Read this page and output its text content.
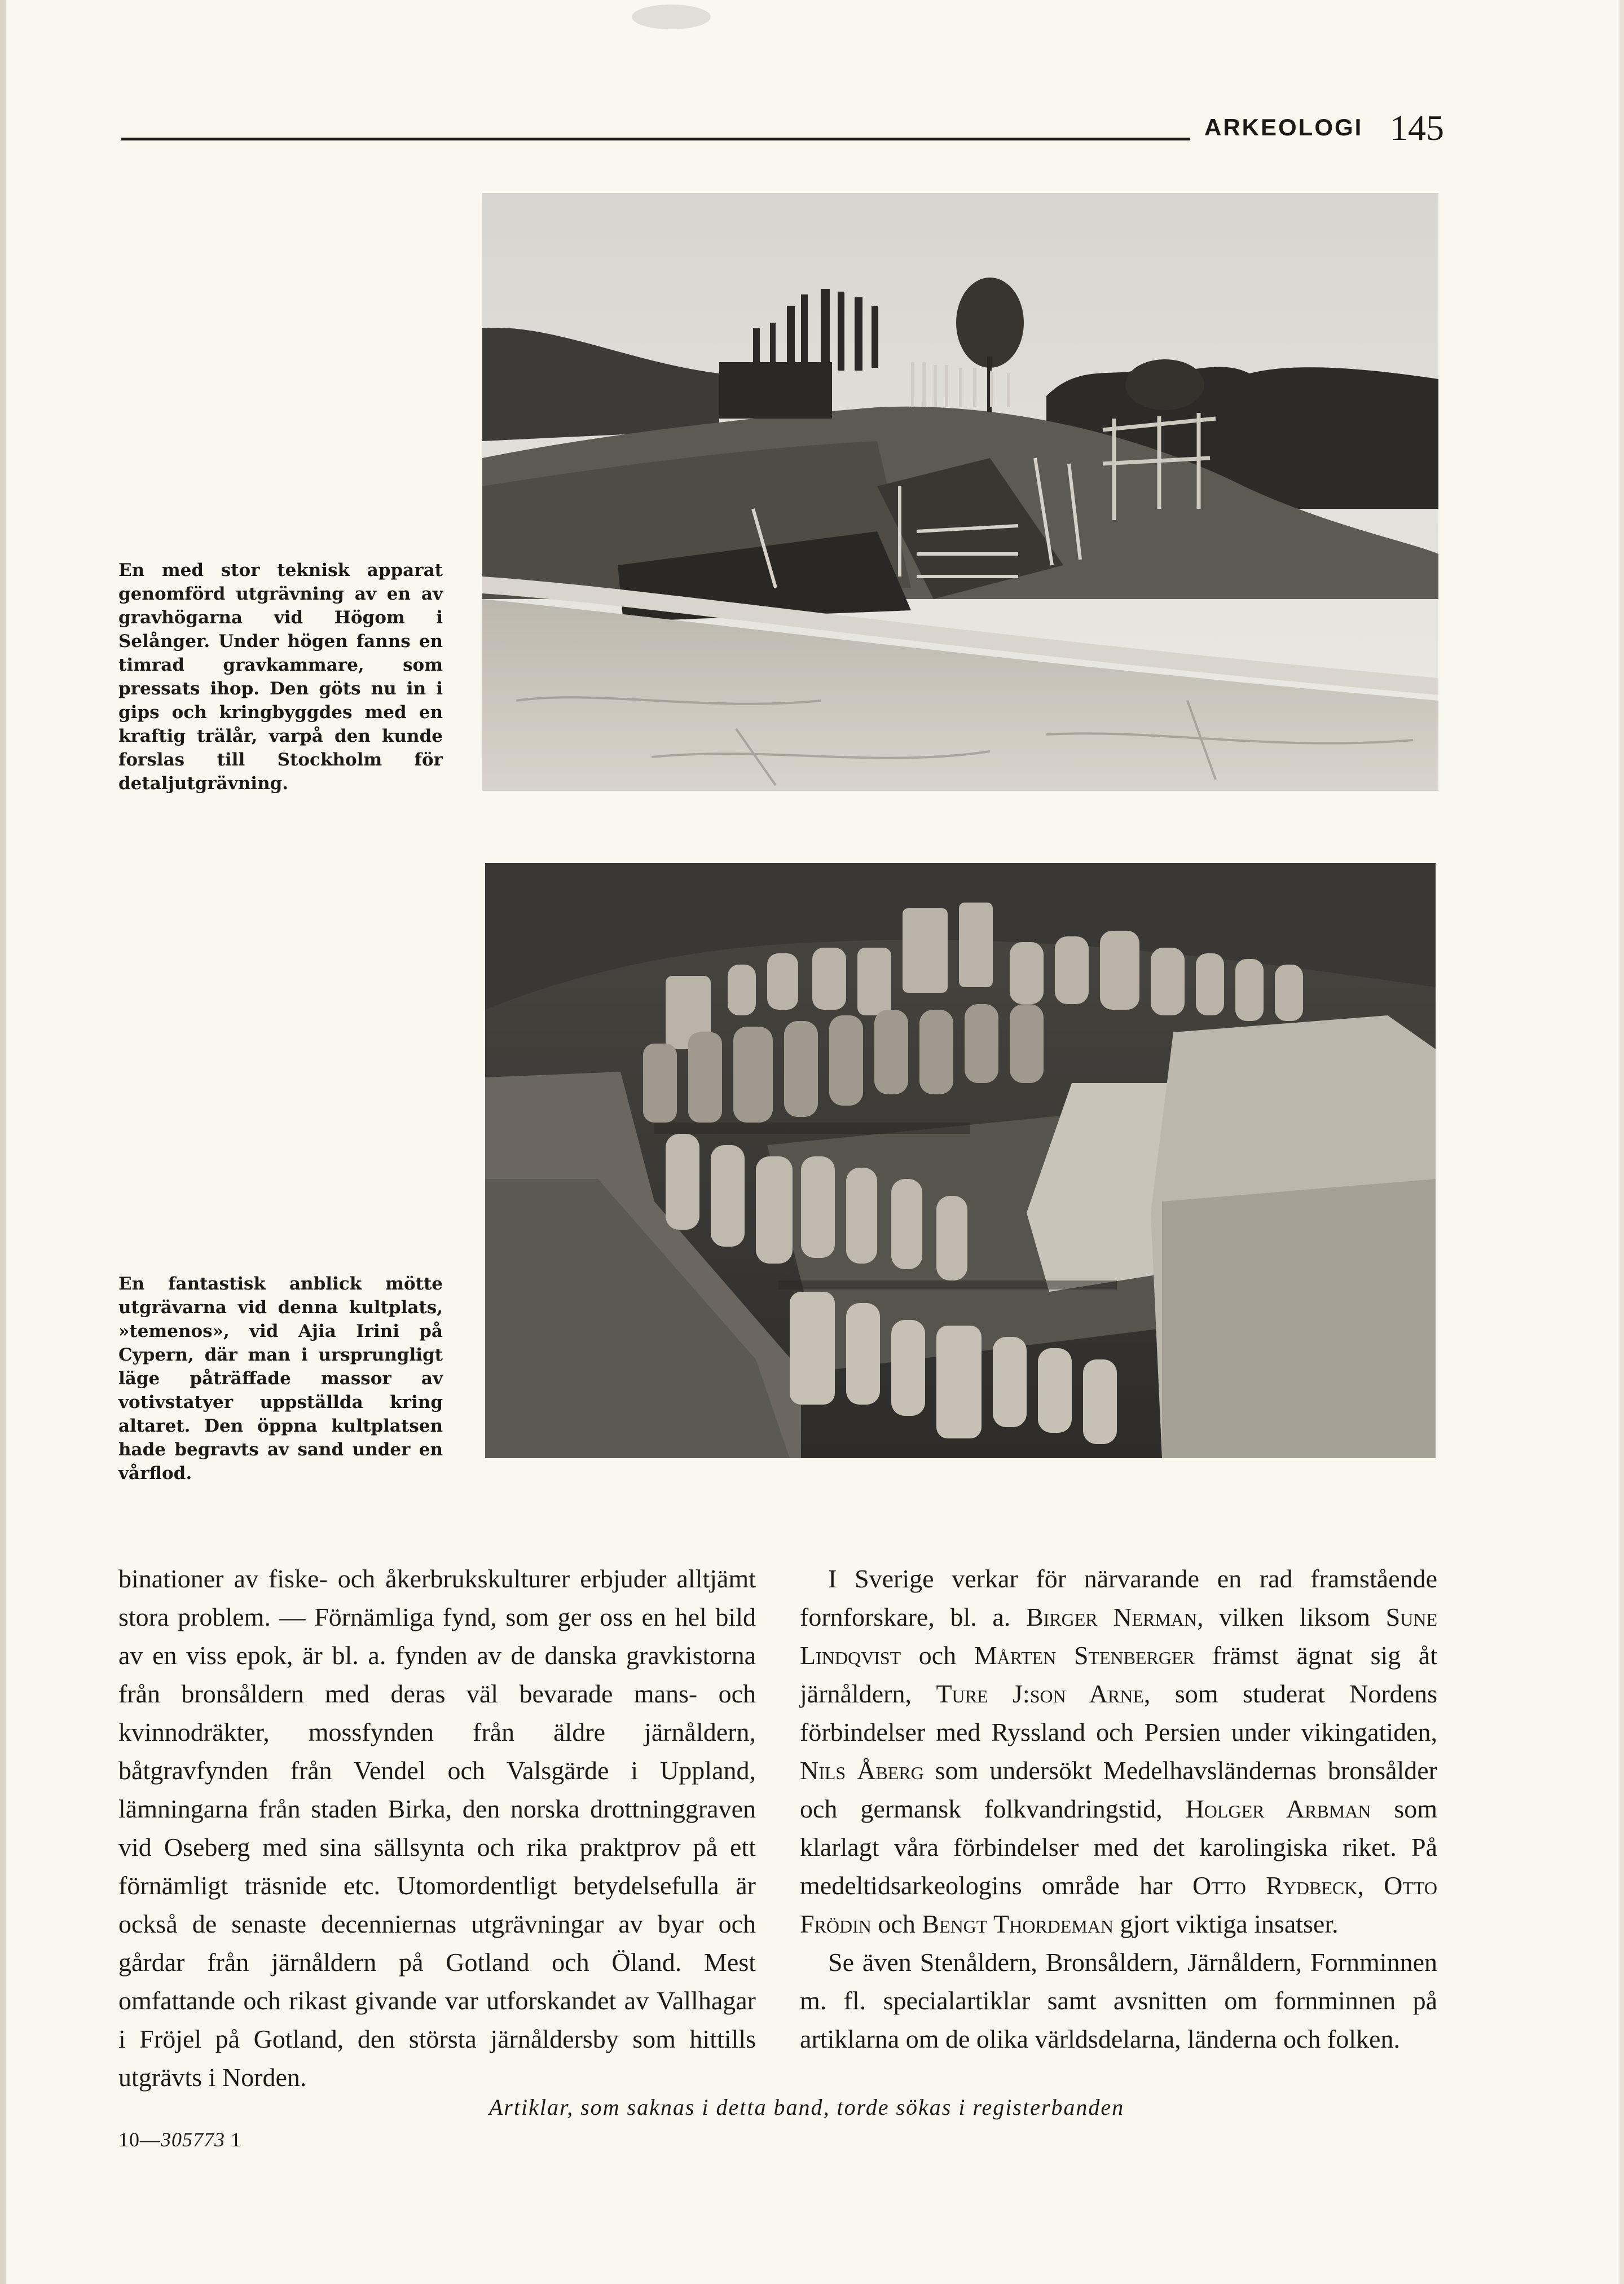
ARKEOLOGI 145

En med stor teknisk apparat genomförd utgrävning av en av gravhögarna vid Högom i Selånger. Under högen fanns en timrad gravkammare, som pressats ihop. Den göts nu in i gips och kringbyggdes med en kraftig trälår, varpå den kunde forslas till Stockholm för detaljutgrävning.

En fantastisk anblick mötte utgrävarna vid denna kultplats, »temenos», vid Ajia Irini på Cypern, där man i ursprungligt läge påträffade massor av votivstatyer uppställda kring altaret. Den öppna kultplatsen hade begravts av sand under en vårflod.

binationer av fiske- och åkerbrukskulturer erbjuder alltjämt stora problem. — Förnämliga fynd, som ger oss en hel bild av en viss epok, är bl. a. fynden av de danska gravkistorna från bronsåldern med deras väl bevarade mans- och kvinnodräkter, mossfynden från äldre järnåldern, båtgravfynden från Vendel och Valsgärde i Uppland, lämningarna från staden Birka, den norska drottninggraven vid Oseberg med sina sällsynta och rika praktprov på ett förnämligt träsnide etc. Utomordentligt betydelsefulla är också de senaste decenniernas utgrävningar av byar och gårdar från järnåldern på Gotland och Öland. Mest omfattande och rikast givande var utforskandet av Vallhagar i Fröjel på Gotland, den största järnåldersby som hittills utgrävts i Norden.

I Sverige verkar för närvarande en rad framstående fornforskare, bl. a. Birger Nerman, vilken liksom Sune Lindqvist och Mårten Stenberger främst ägnat sig åt järnåldern, Ture J:son Arne, som studerat Nordens förbindelser med Ryssland och Persien under vikingatiden, Nils Åberg som undersökt Medelhavsländernas bronsålder och germansk folkvandringstid, Holger Arbman som klarlagt våra förbindelser med det karolingiska riket. På medeltidsarkeologins område har Otto Rydbeck, Otto Frödin och Bengt Thordeman gjort viktiga insatser.

Se även Stenåldern, Bronsåldern, Järnåldern, Fornminnen m. fl. specialartiklar samt avsnitten om fornminnen på artiklarna om de olika världsdelarna, länderna och folken.

Artiklar, som saknas i detta band, torde sökas i registerbanden
10—305773 1
